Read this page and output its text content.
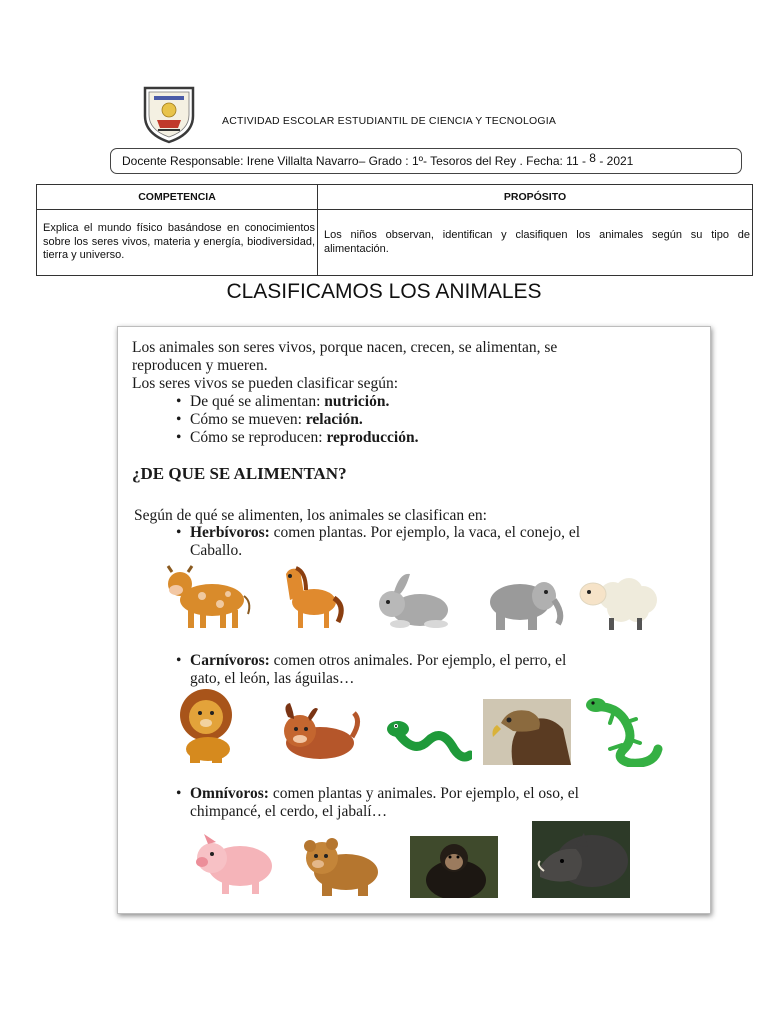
ACTIVIDAD ESCOLAR ESTUDIANTIL DE CIENCIA Y TECNOLOGIA
Docente Responsable: Irene Villalta Navarro– Grado : 1º- Tesoros del Rey . Fecha: 11 - 8 - 2021
COMPETENCIA	PROPÓSITO
Explica el mundo físico basándose en conocimientos sobre los seres vivos, materia y energía, biodiversidad, tierra y universo.	Los niños observan, identifican y clasifiquen los animales según su tipo de alimentación.
CLASIFICAMOS LOS ANIMALES
Los animales son seres vivos, porque nacen, crecen, se alimentan, se
reproducen y mueren.
Los seres vivos se pueden clasificar según:
• De qué se alimentan: nutrición.
• Cómo se mueven: relación.
• Cómo se reproducen: reproducción.
¿DE QUE SE ALIMENTAN?
Según de qué se alimenten, los animales se clasifican en:
• Herbívoros: comen plantas. Por ejemplo, la vaca, el conejo, el
Caballo.
• Carnívoros: comen otros animales. Por ejemplo, el perro, el
gato, el león, las águilas…
• Omnívoros: comen plantas y animales. Por ejemplo, el oso, el
chimpancé, el cerdo, el jabalí…
